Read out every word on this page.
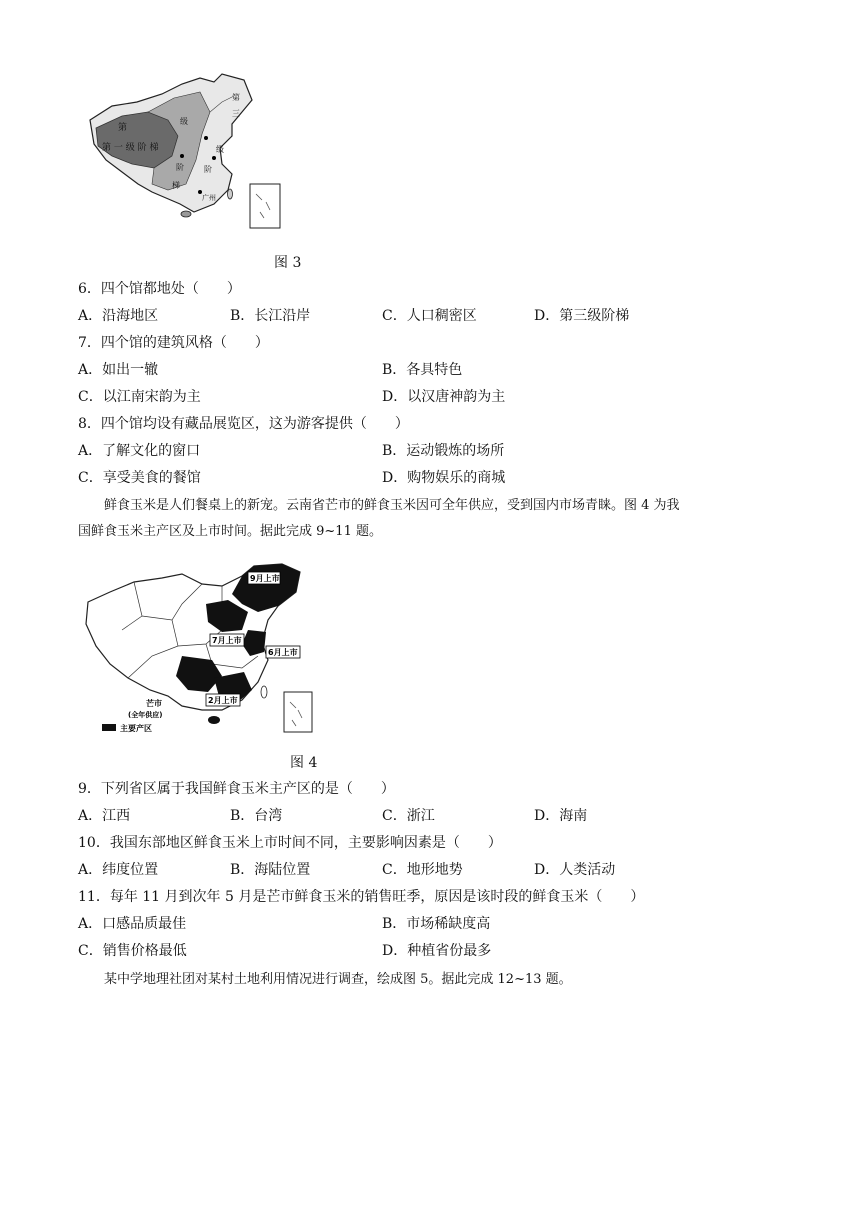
第
第 一 级 阶 梯
级
阶
梯
第
三
级
阶
广州
图 3
6．四个馆都地处（　　）
A．沿海地区	B．长江沿岸	C．人口稠密区	D．第三级阶梯
7．四个馆的建筑风格（　　）
A．如出一辙	B．各具特色
C．以江南宋韵为主	D．以汉唐神韵为主
8．四个馆均设有藏品展览区，这为游客提供（　　）
A．了解文化的窗口	B．运动锻炼的场所
C．享受美食的餐馆	D．购物娱乐的商城
鲜食玉米是人们餐桌上的新宠。云南省芒市的鲜食玉米因可全年供应，受到国内市场青睐。图 4 为我
国鲜食玉米主产区及上市时间。据此完成 9~11 题。
9月上市
7月上市
6月上市
2月上市
芒市
(全年供应)
主要产区
图 4
9．下列省区属于我国鲜食玉米主产区的是（　　）
A．江西	B．台湾	C．浙江	D．海南
10．我国东部地区鲜食玉米上市时间不同，主要影响因素是（　　）
A．纬度位置	B．海陆位置	C．地形地势	D．人类活动
11．每年 11 月到次年 5 月是芒市鲜食玉米的销售旺季，原因是该时段的鲜食玉米（　　）
A．口感品质最佳	B．市场稀缺度高
C．销售价格最低	D．种植省份最多
某中学地理社团对某村土地利用情况进行调查，绘成图 5。据此完成 12~13 题。
